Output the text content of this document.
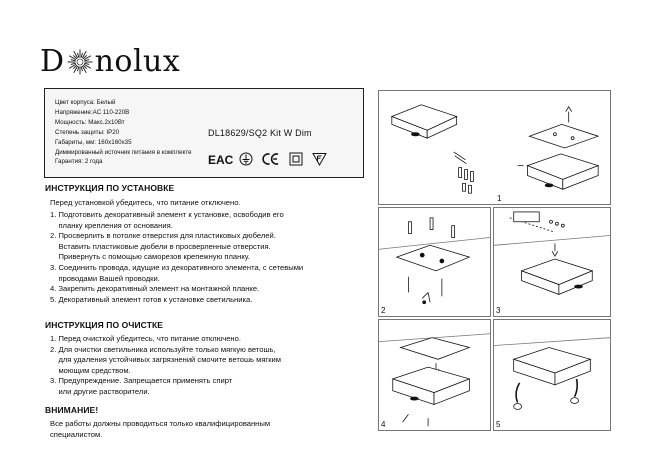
D nolux
Цвет корпуса: Белый
Напряжение:AC 110-220В
Мощность: Макс.2х10Вт
Степень защиты: IP20
Габариты, мм: 160х160х35
Диммированный источник питания в комплекте
Гарантия: 2 года
DL18629/SQ2 Kit W Dim
EAC
ИНСТРУКЦИЯ ПО УСТАНОВКЕ
Перед установкой убедитесь, что питание отключено.
1. Подготовить декоративный элемент к установке, освободив его
планку крепления от основания.
2. Просверлить в потолке отверстия для пластиковых дюбелей.
Вставить пластиковые дюбели в просверленные отверстия.
Привернуть с помощью саморезов крепежную планку.
3. Соединить провода, идущие из декоративного элемента, с сетевыми
проводами Вашей проводки.
4. Закрепить декоративный элемент на монтажной планке.
5. Декоративный элемент готов к установке светильника.
ИНСТРУКЦИЯ ПО ОЧИСТКЕ
1. Перед очисткой убедитесь, что питание отключено.
2. Для очистки светильника используйте только мягкую ветошь,
для удаления устойчивых загрязнений смочите ветошь мягким
моющим средством.
3. Предупреждение. Запрещается применять спирт
или другие растворители.
ВНИМАНИЕ!
Все работы должны проводиться только квалифицированным
специалистом.
1
2	3
4	5
